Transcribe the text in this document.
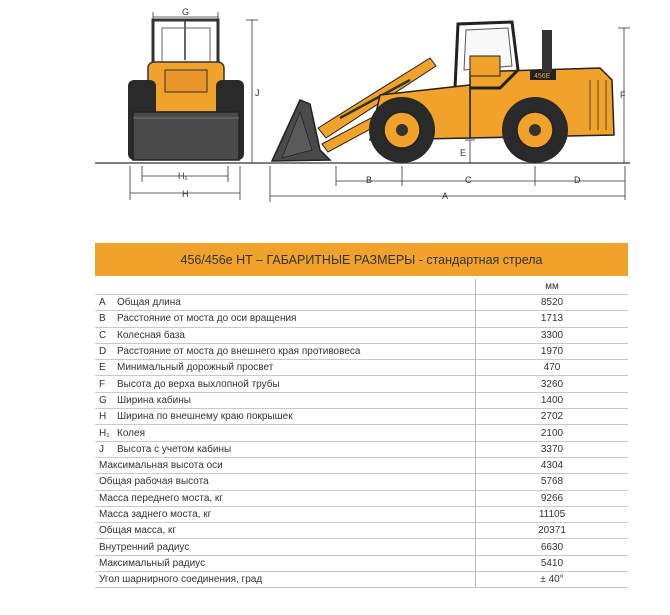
G
J
H₁
H
456E
F
E
B	C	D
A
456/456e HT – ГАБАРИТНЫЕ РАЗМЕРЫ - стандартная стрела
		мм
A	Общая длина	8520
B	Расстояние от моста до оси вращения	1713
C	Колесная база	3300
D	Расстояние от моста до внешнего края противовеса	1970
E	Минимальный дорожный просвет	470
F	Высота до верха выхлопной трубы	3260
G	Ширина кабины	1400
H	Ширина по внешнему краю покрышек	2702
H₁	Колея	2100
J	Высота с учетом кабины	3370
Максимальная высота оси		4304
Общая рабочая высота		5768
Масса переднего моста, кг		9266
Масса заднего моста, кг		11105
Общая масса, кг		20371
Внутренний радиус		6630
Максимальный радиус		5410
Угол шарнирного соединения, град		± 40°
